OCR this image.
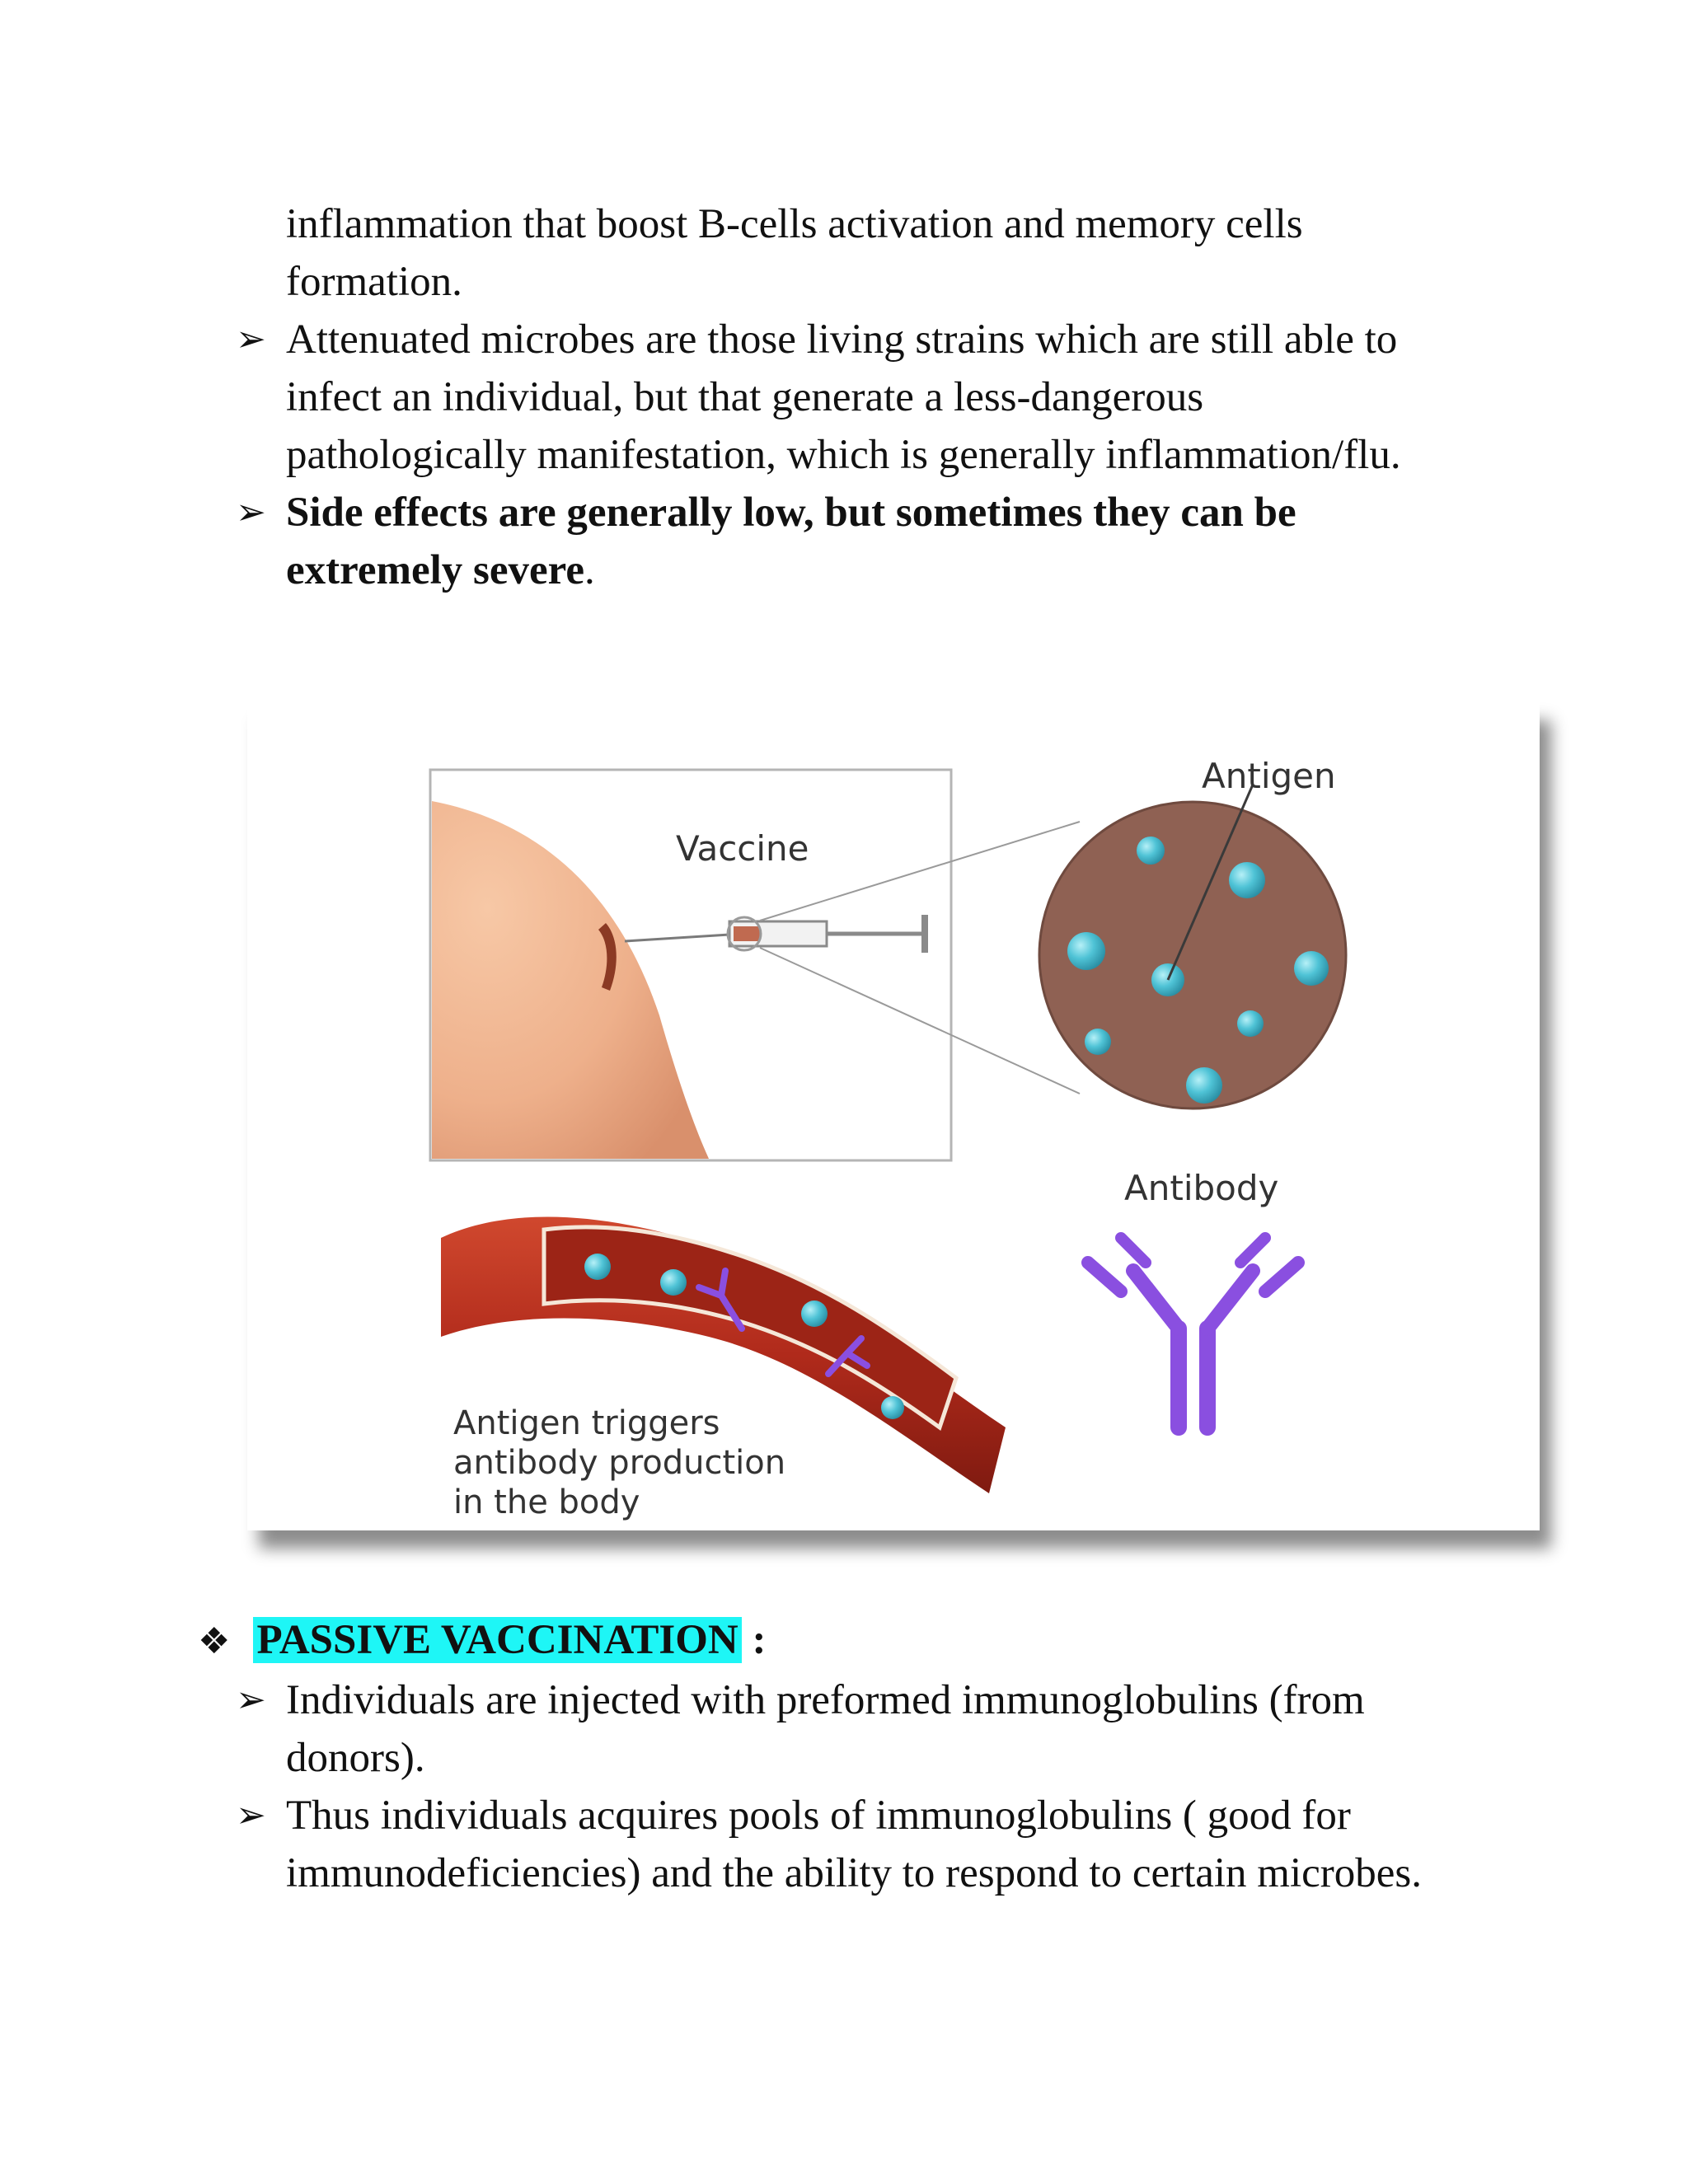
inflammation that boost B-cells activation and memory cells
formation.
➢ Attenuated microbes are those living strains which are still able to
infect an individual, but that generate a less-dangerous
pathologically manifestation, which is generally inflammation/flu.
➢ Side effects are generally low, but sometimes they can be
extremely severe.
Vaccine
Antigen
Antibody
Antigen triggers
antibody production
in the body
❖ PASSIVE VACCINATION :
➢ Individuals are injected with preformed immunoglobulins (from
donors).
➢ Thus individuals acquires pools of immunoglobulins ( good for
immunodeficiencies) and the ability to respond to certain microbes.
